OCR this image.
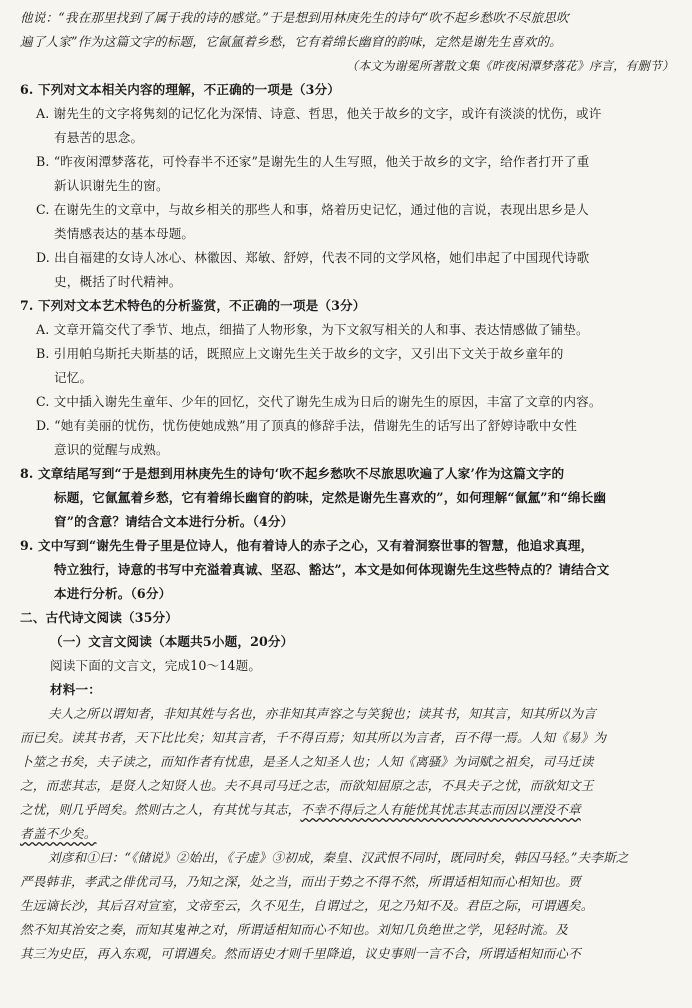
他说：“我在那里找到了属于我的诗的感觉。”于是想到用林庚先生的诗句“吹不起乡愁吹不尽旅思吹

遍了人家”作为这篇文字的标题，它氤氲着乡愁，它有着绵长幽窅的韵味，定然是谢先生喜欢的。

（本文为谢冕所著散文集《昨夜闲潭梦落花》序言，有删节）

6. 下列对文本相关内容的理解，不正确的一项是（3分）

A. 谢先生的文字将隽刻的记忆化为深情、诗意、哲思，他关于故乡的文字，或许有淡淡的忧伤，或许

有悬苦的思念。

B. “昨夜闲潭梦落花，可怜春半不还家”是谢先生的人生写照，他关于故乡的文字，给作者打开了重

新认识谢先生的窗。

C. 在谢先生的文章中，与故乡相关的那些人和事，烙着历史记忆，通过他的言说，表现出思乡是人

类情感表达的基本母题。

D. 出自福建的女诗人冰心、林徽因、郑敏、舒婷，代表不同的文学风格，她们串起了中国现代诗歌

史，概括了时代精神。

7. 下列对文本艺术特色的分析鉴赏，不正确的一项是（3分）

A. 文章开篇交代了季节、地点，细描了人物形象，为下文叙写相关的人和事、表达情感做了铺垫。

B. 引用帕乌斯托夫斯基的话，既照应上文谢先生关于故乡的文字，又引出下文关于故乡童年的

记忆。

C. 文中插入谢先生童年、少年的回忆，交代了谢先生成为日后的谢先生的原因，丰富了文章的内容。

D. “她有美丽的忧伤，忧伤使她成熟”用了顶真的修辞手法，借谢先生的话写出了舒婷诗歌中女性

意识的觉醒与成熟。

8. 文章结尾写到“于是想到用林庚先生的诗句‘吹不起乡愁吹不尽旅思吹遍了人家’作为这篇文字的

标题，它氤氲着乡愁，它有着绵长幽窅的韵味，定然是谢先生喜欢的”，如何理解“氤氲”和“绵长幽

窅”的含意？请结合文本进行分析。（4分）

9. 文中写到“谢先生骨子里是位诗人，他有着诗人的赤子之心，又有着洞察世事的智慧，他追求真理，

特立独行，诗意的书写中充溢着真诚、坚忍、豁达”，本文是如何体现谢先生这些特点的？请结合文

本进行分析。（6分）

二、古代诗文阅读（35分）

（一）文言文阅读（本题共5小题，20分）

阅读下面的文言文，完成10～14题。

材料一：

夫人之所以谓知者，非知其姓与名也，亦非知其声容之与笑貌也；读其书，知其言，知其所以为言

而已矣。读其书者，天下比比矣；知其言者，千不得百焉；知其所以为言者，百不得一焉。人知《易》为

卜筮之书矣，夫子读之，而知作者有忧患，是圣人之知圣人也；人知《离骚》为词赋之祖矣，司马迁读

之，而悲其志，是贤人之知贤人也。夫不具司马迁之志，而欲知屈原之志，不具夫子之忧，而欲知文王

之忧，则几乎罔矣。然则古之人，有其忧与其志，不幸不得后之人有能忧其忧志其志而因以湮没不章

者盖不少矣。

刘彦和①曰：“《储说》②始出，《子虚》③初成，秦皇、汉武恨不同时，既同时矣，韩囚马轻。”夫李斯之

严畏韩非，孝武之俳优司马，乃知之深，处之当，而出于势之不得不然，所谓适相知而心相知也。贾

生远谪长沙，其后召对宣室，文帝至云，久不见生，自谓过之，见之乃知不及。君臣之际，可谓遇矣。

然不知其治安之奏，而知其鬼神之对，所谓适相知而心不知也。刘知几负绝世之学，见轻时流。及

其三为史臣，再入东观，可谓遇矣。然而语史才则千里降追，议史事则一言不合，所谓适相知而心不
